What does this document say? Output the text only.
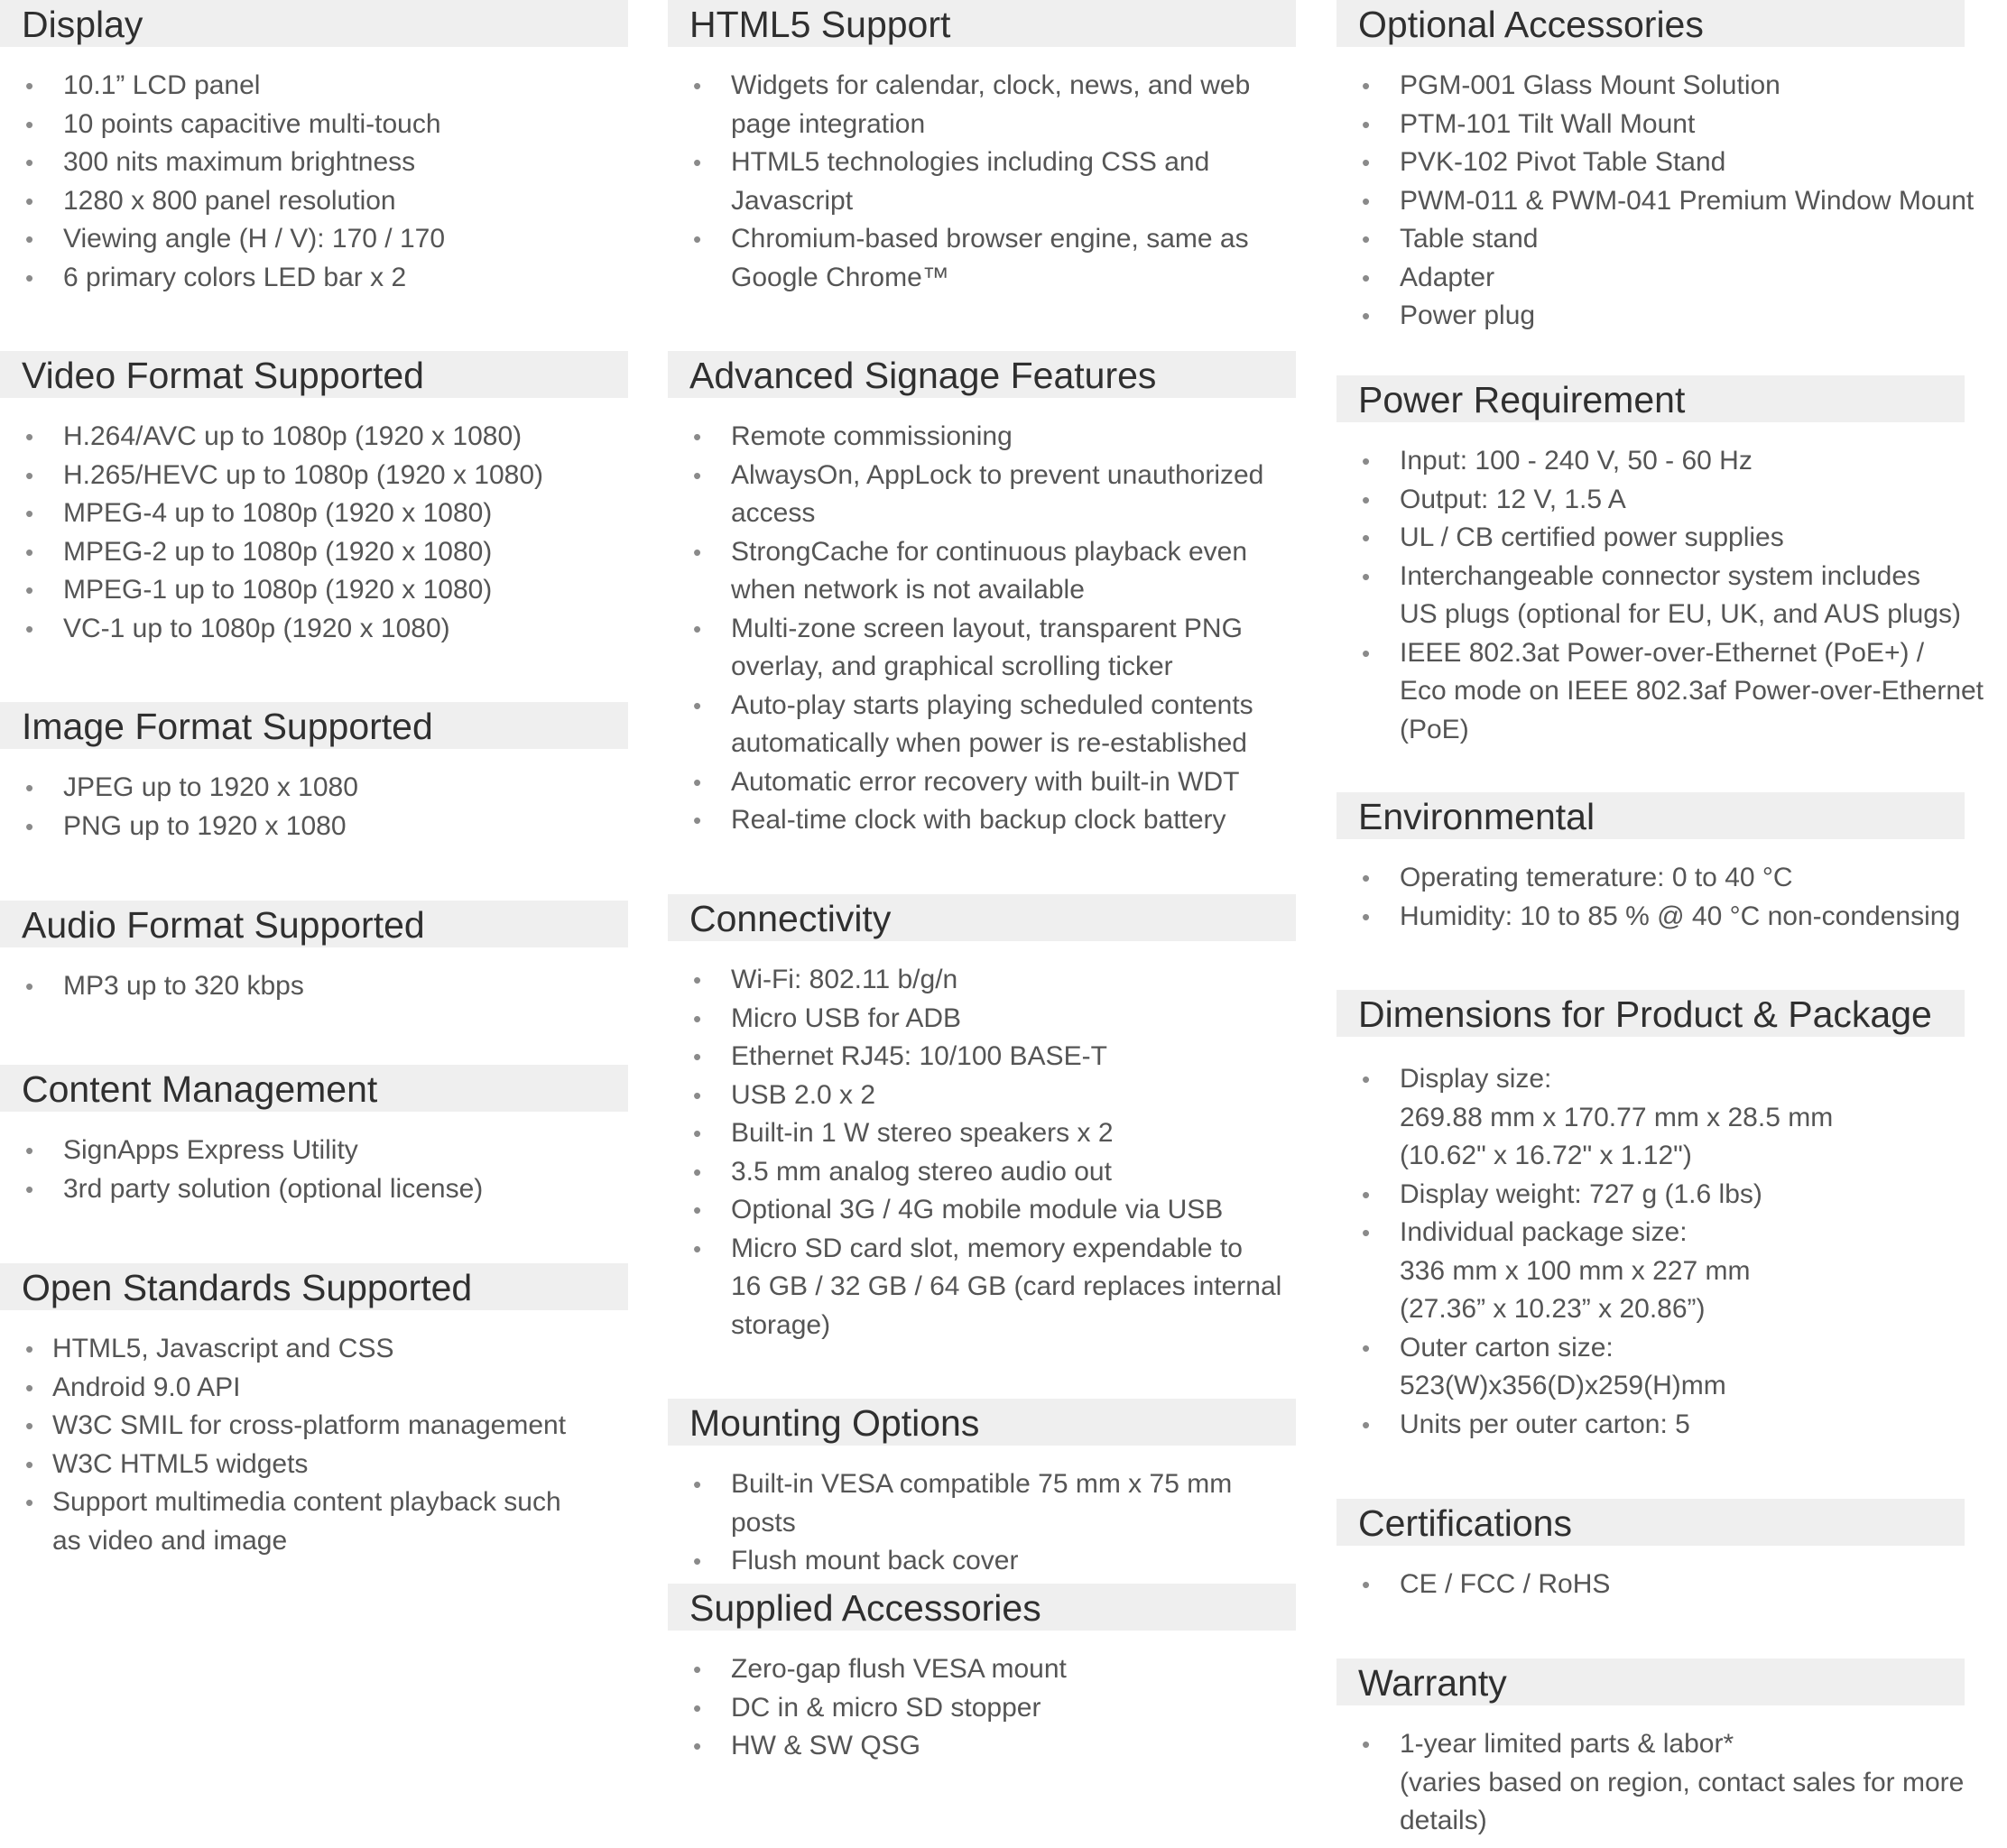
Display
• 10.1” LCD panel
• 10 points capacitive multi-touch
• 300 nits maximum brightness
• 1280 x 800 panel resolution
• Viewing angle (H / V): 170 / 170
• 6 primary colors LED bar x 2
Video Format Supported
• H.264/AVC up to 1080p (1920 x 1080)
• H.265/HEVC up to 1080p (1920 x 1080)
• MPEG-4 up to 1080p (1920 x 1080)
• MPEG-2 up to 1080p (1920 x 1080)
• MPEG-1 up to 1080p (1920 x 1080)
• VC-1 up to 1080p (1920 x 1080)
Image Format Supported
• JPEG up to 1920 x 1080
• PNG up to 1920 x 1080
Audio Format Supported
• MP3 up to 320 kbps
Content Management
• SignApps Express Utility
• 3rd party solution (optional license)
Open Standards Supported
• HTML5, Javascript and CSS
• Android 9.0 API
• W3C SMIL for cross-platform management
• W3C HTML5 widgets
• Support multimedia content playback such
as video and image
HTML5 Support
• Widgets for calendar, clock, news, and web
page integration
• HTML5 technologies including CSS and
Javascript
• Chromium-based browser engine, same as
Google Chrome™
Advanced Signage Features
• Remote commissioning
• AlwaysOn, AppLock to prevent unauthorized
access
• StrongCache for continuous playback even
when network is not available
• Multi-zone screen layout, transparent PNG
overlay, and graphical scrolling ticker
• Auto-play starts playing scheduled contents
automatically when power is re-established
• Automatic error recovery with built-in WDT
• Real-time clock with backup clock battery
Connectivity
• Wi-Fi: 802.11 b/g/n
• Micro USB for ADB
• Ethernet RJ45: 10/100 BASE-T
• USB 2.0 x 2
• Built-in 1 W stereo speakers x 2
• 3.5 mm analog stereo audio out
• Optional 3G / 4G mobile module via USB
• Micro SD card slot, memory expendable to
16 GB / 32 GB / 64 GB (card replaces internal
storage)
Mounting Options
• Built-in VESA compatible 75 mm x 75 mm posts
• Flush mount back cover
Supplied Accessories
• Zero-gap flush VESA mount
• DC in & micro SD stopper
• HW & SW QSG
Optional Accessories
• PGM-001 Glass Mount Solution
• PTM-101 Tilt Wall Mount
• PVK-102 Pivot Table Stand
• PWM-011 & PWM-041 Premium Window Mount
• Table stand
• Adapter
• Power plug
Power Requirement
• Input: 100 - 240 V, 50 - 60 Hz
• Output: 12 V, 1.5 A
• UL / CB certified power supplies
• Interchangeable connector system includes
US plugs (optional for EU, UK, and AUS plugs)
• IEEE 802.3at Power-over-Ethernet (PoE+) /
Eco mode on IEEE 802.3af Power-over-Ethernet
(PoE)
Environmental
• Operating temerature: 0 to 40 °C
• Humidity: 10 to 85 % @ 40 °C non-condensing
Dimensions for Product & Package
• Display size:
269.88 mm x 170.77 mm x 28.5 mm
(10.62" x 16.72" x 1.12")
• Display weight: 727 g (1.6 lbs)
• Individual package size:
336 mm x 100 mm x 227 mm
(27.36” x 10.23” x 20.86”)
• Outer carton size:
523(W)x356(D)x259(H)mm
• Units per outer carton: 5
Certifications
• CE / FCC / RoHS
Warranty
• 1-year limited parts & labor*
(varies based on region, contact sales for more
details)
